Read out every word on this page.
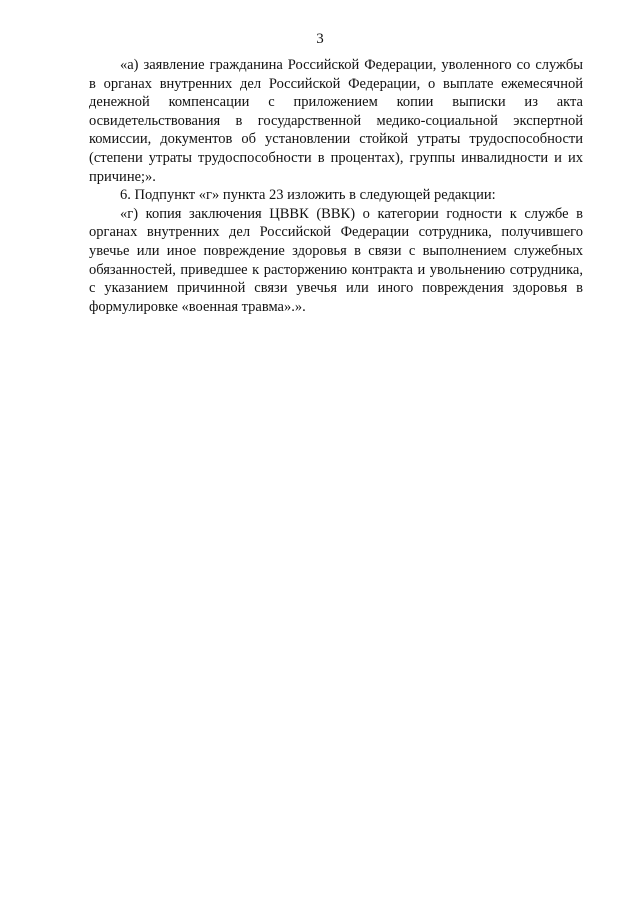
3

«а) заявление гражданина Российской Федерации, уволенного со службы в органах внутренних дел Российской Федерации, о выплате ежемесячной денежной компенсации с приложением копии выписки из акта освидетельствования в государственной медико-социальной экспертной комиссии, документов об установлении стойкой утраты трудоспособности (степени утраты трудоспособности в процентах), группы инвалидности и их причине;».

6. Подпункт «г» пункта 23 изложить в следующей редакции:

«г) копия заключения ЦВВК (ВВК) о категории годности к службе в органах внутренних дел Российской Федерации сотрудника, получившего увечье или иное повреждение здоровья в связи с выполнением служебных обязанностей, приведшее к расторжению контракта и увольнению сотрудника, с указанием причинной связи увечья или иного повреждения здоровья в формулировке «военная травма».».
